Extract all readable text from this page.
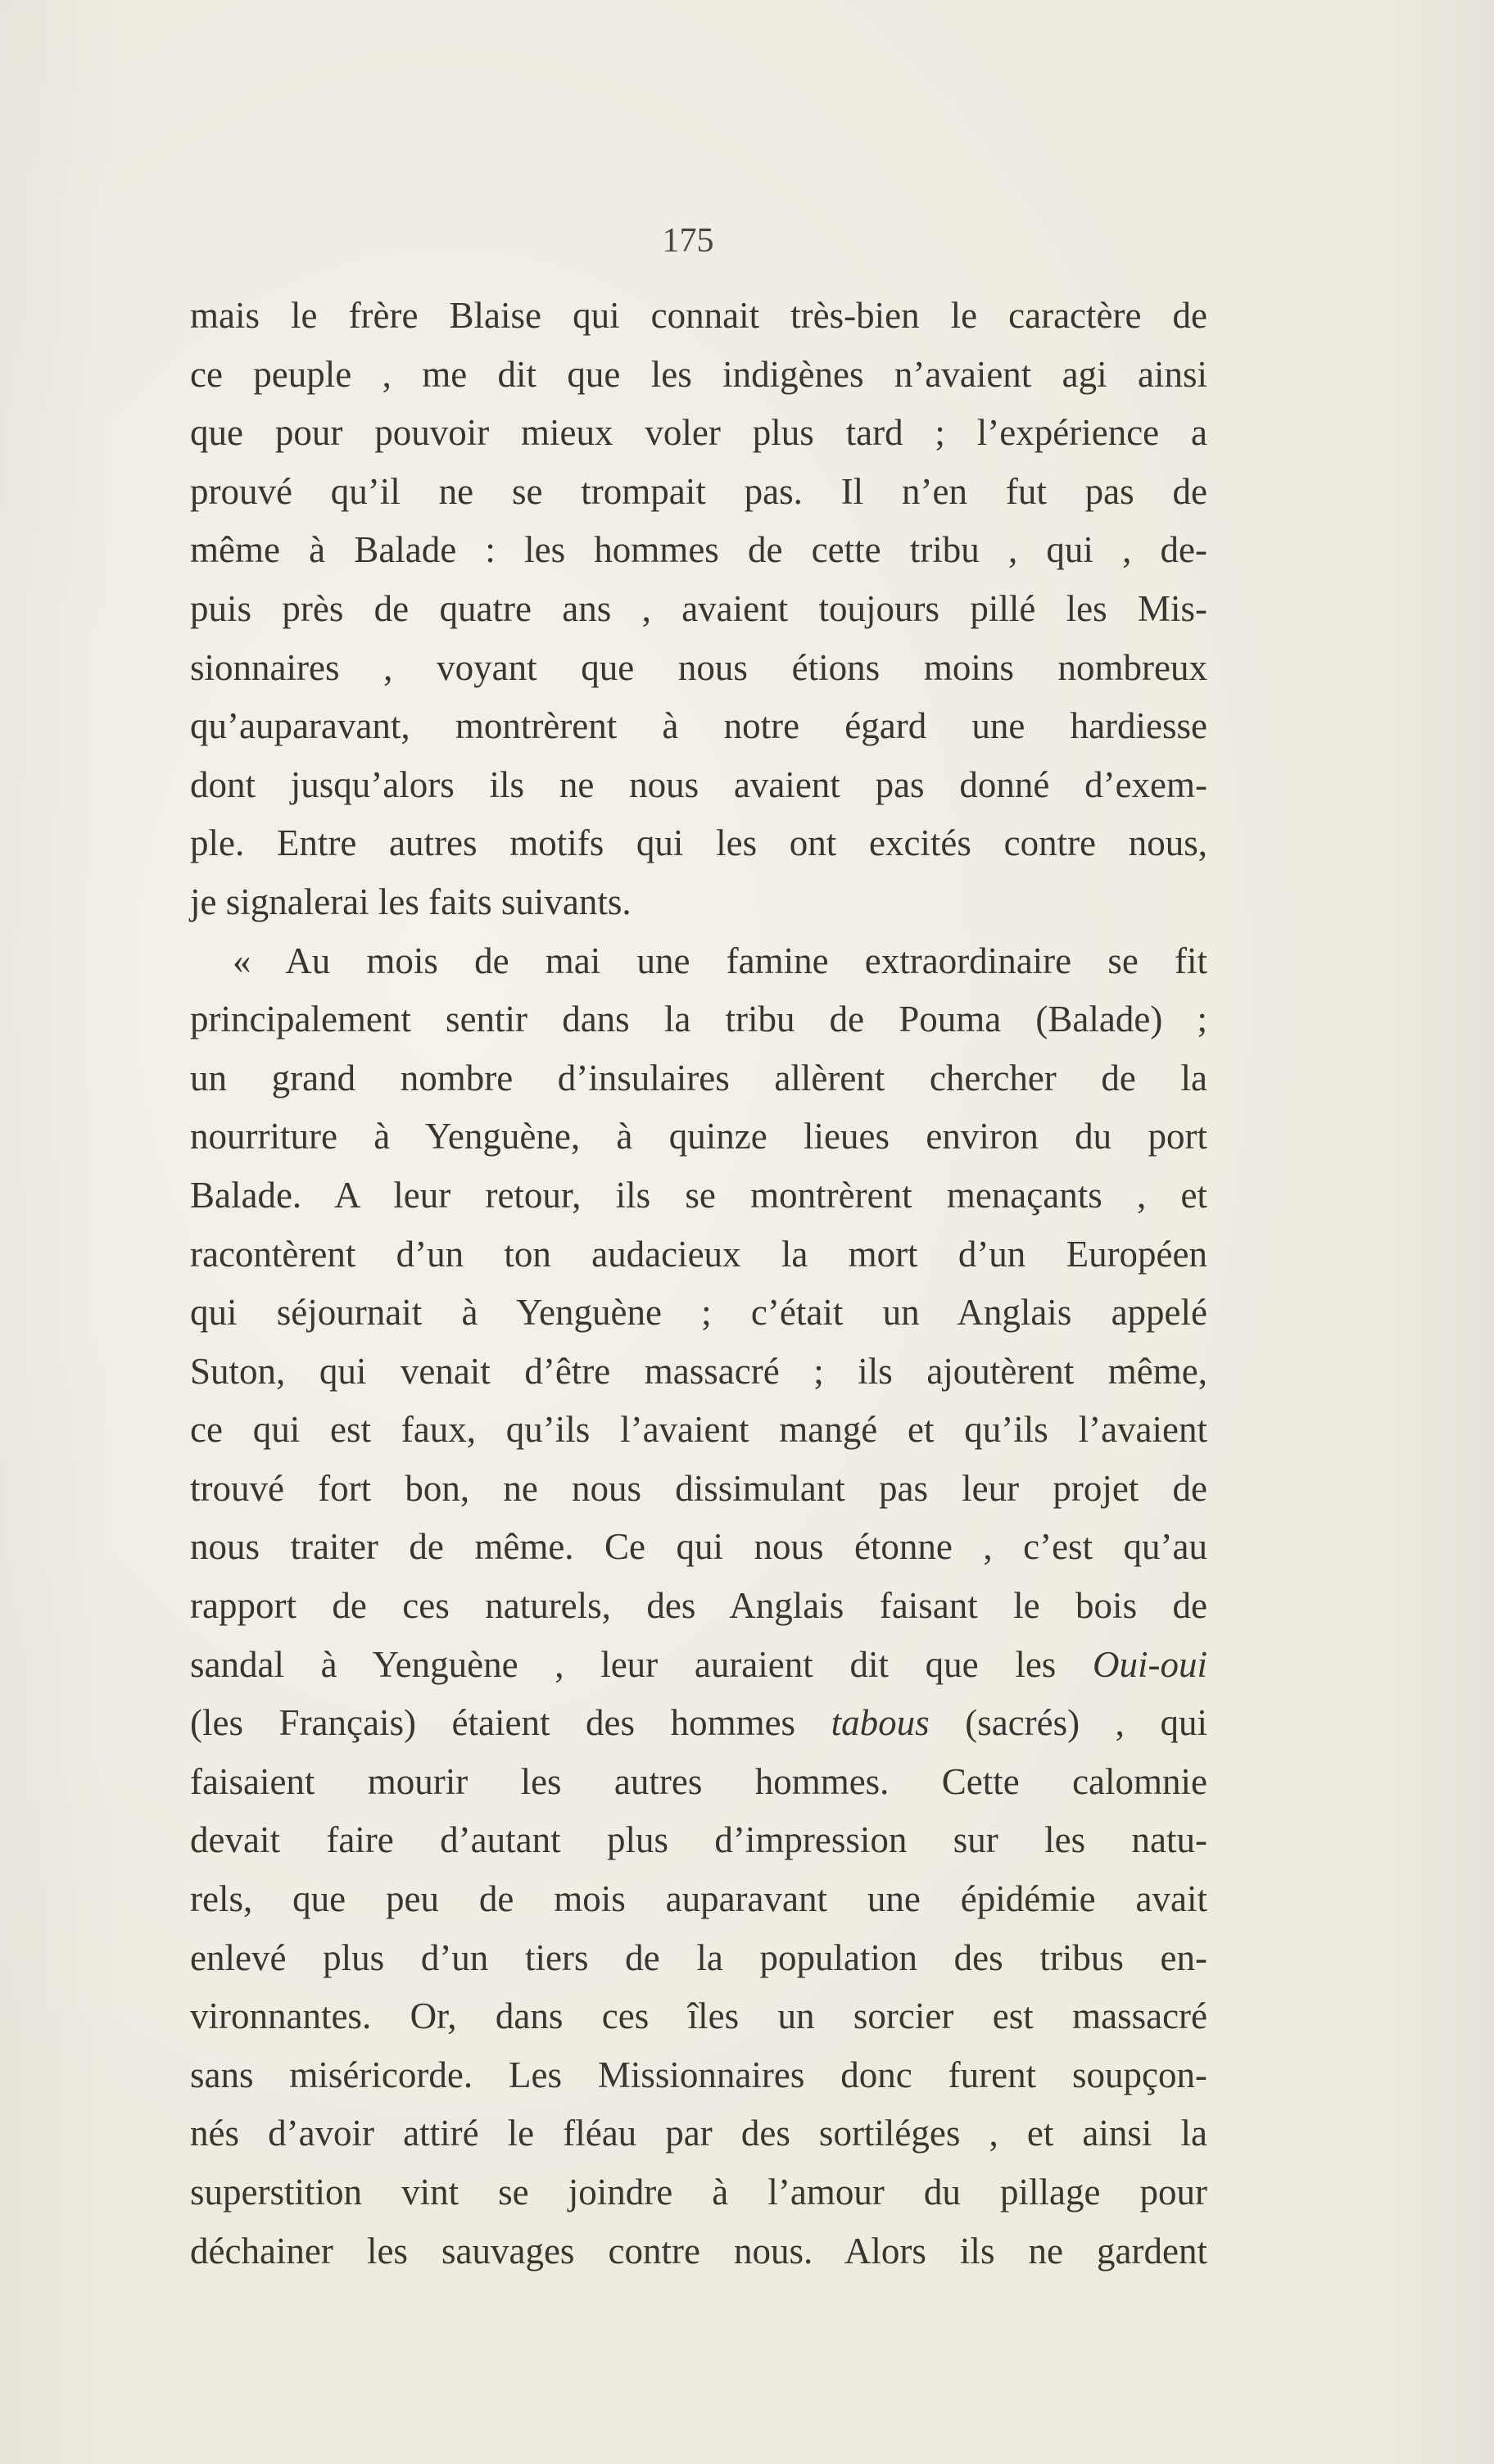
175
mais le frère Blaise qui connait très-bien le caractère de
ce peuple , me dit que les indigènes n’avaient agi ainsi
que pour pouvoir mieux voler plus tard ; l’expérience a
prouvé qu’il ne se trompait pas. Il n’en fut pas de
même à Balade : les hommes de cette tribu , qui , de-
puis près de quatre ans , avaient toujours pillé les Mis-
sionnaires , voyant que nous étions moins nombreux
qu’auparavant, montrèrent à notre égard une hardiesse
dont jusqu’alors ils ne nous avaient pas donné d’exem-
ple. Entre autres motifs qui les ont excités contre nous,
je signalerai les faits suivants.
« Au mois de mai une famine extraordinaire se fit
principalement sentir dans la tribu de Pouma (Balade) ;
un grand nombre d’insulaires allèrent chercher de la
nourriture à Yenguène, à quinze lieues environ du port
Balade. A leur retour, ils se montrèrent menaçants , et
racontèrent d’un ton audacieux la mort d’un Européen
qui séjournait à Yenguène ; c’était un Anglais appelé
Suton, qui venait d’être massacré ; ils ajoutèrent même,
ce qui est faux, qu’ils l’avaient mangé et qu’ils l’avaient
trouvé fort bon, ne nous dissimulant pas leur projet de
nous traiter de même. Ce qui nous étonne , c’est qu’au
rapport de ces naturels, des Anglais faisant le bois de
sandal à Yenguène , leur auraient dit que les Oui-oui
(les Français) étaient des hommes tabous (sacrés) , qui
faisaient mourir les autres hommes. Cette calomnie
devait faire d’autant plus d’impression sur les natu-
rels, que peu de mois auparavant une épidémie avait
enlevé plus d’un tiers de la population des tribus en-
vironnantes. Or, dans ces îles un sorcier est massacré
sans miséricorde. Les Missionnaires donc furent soupçon-
nés d’avoir attiré le fléau par des sortiléges , et ainsi la
superstition vint se joindre à l’amour du pillage pour
déchainer les sauvages contre nous. Alors ils ne gardent
